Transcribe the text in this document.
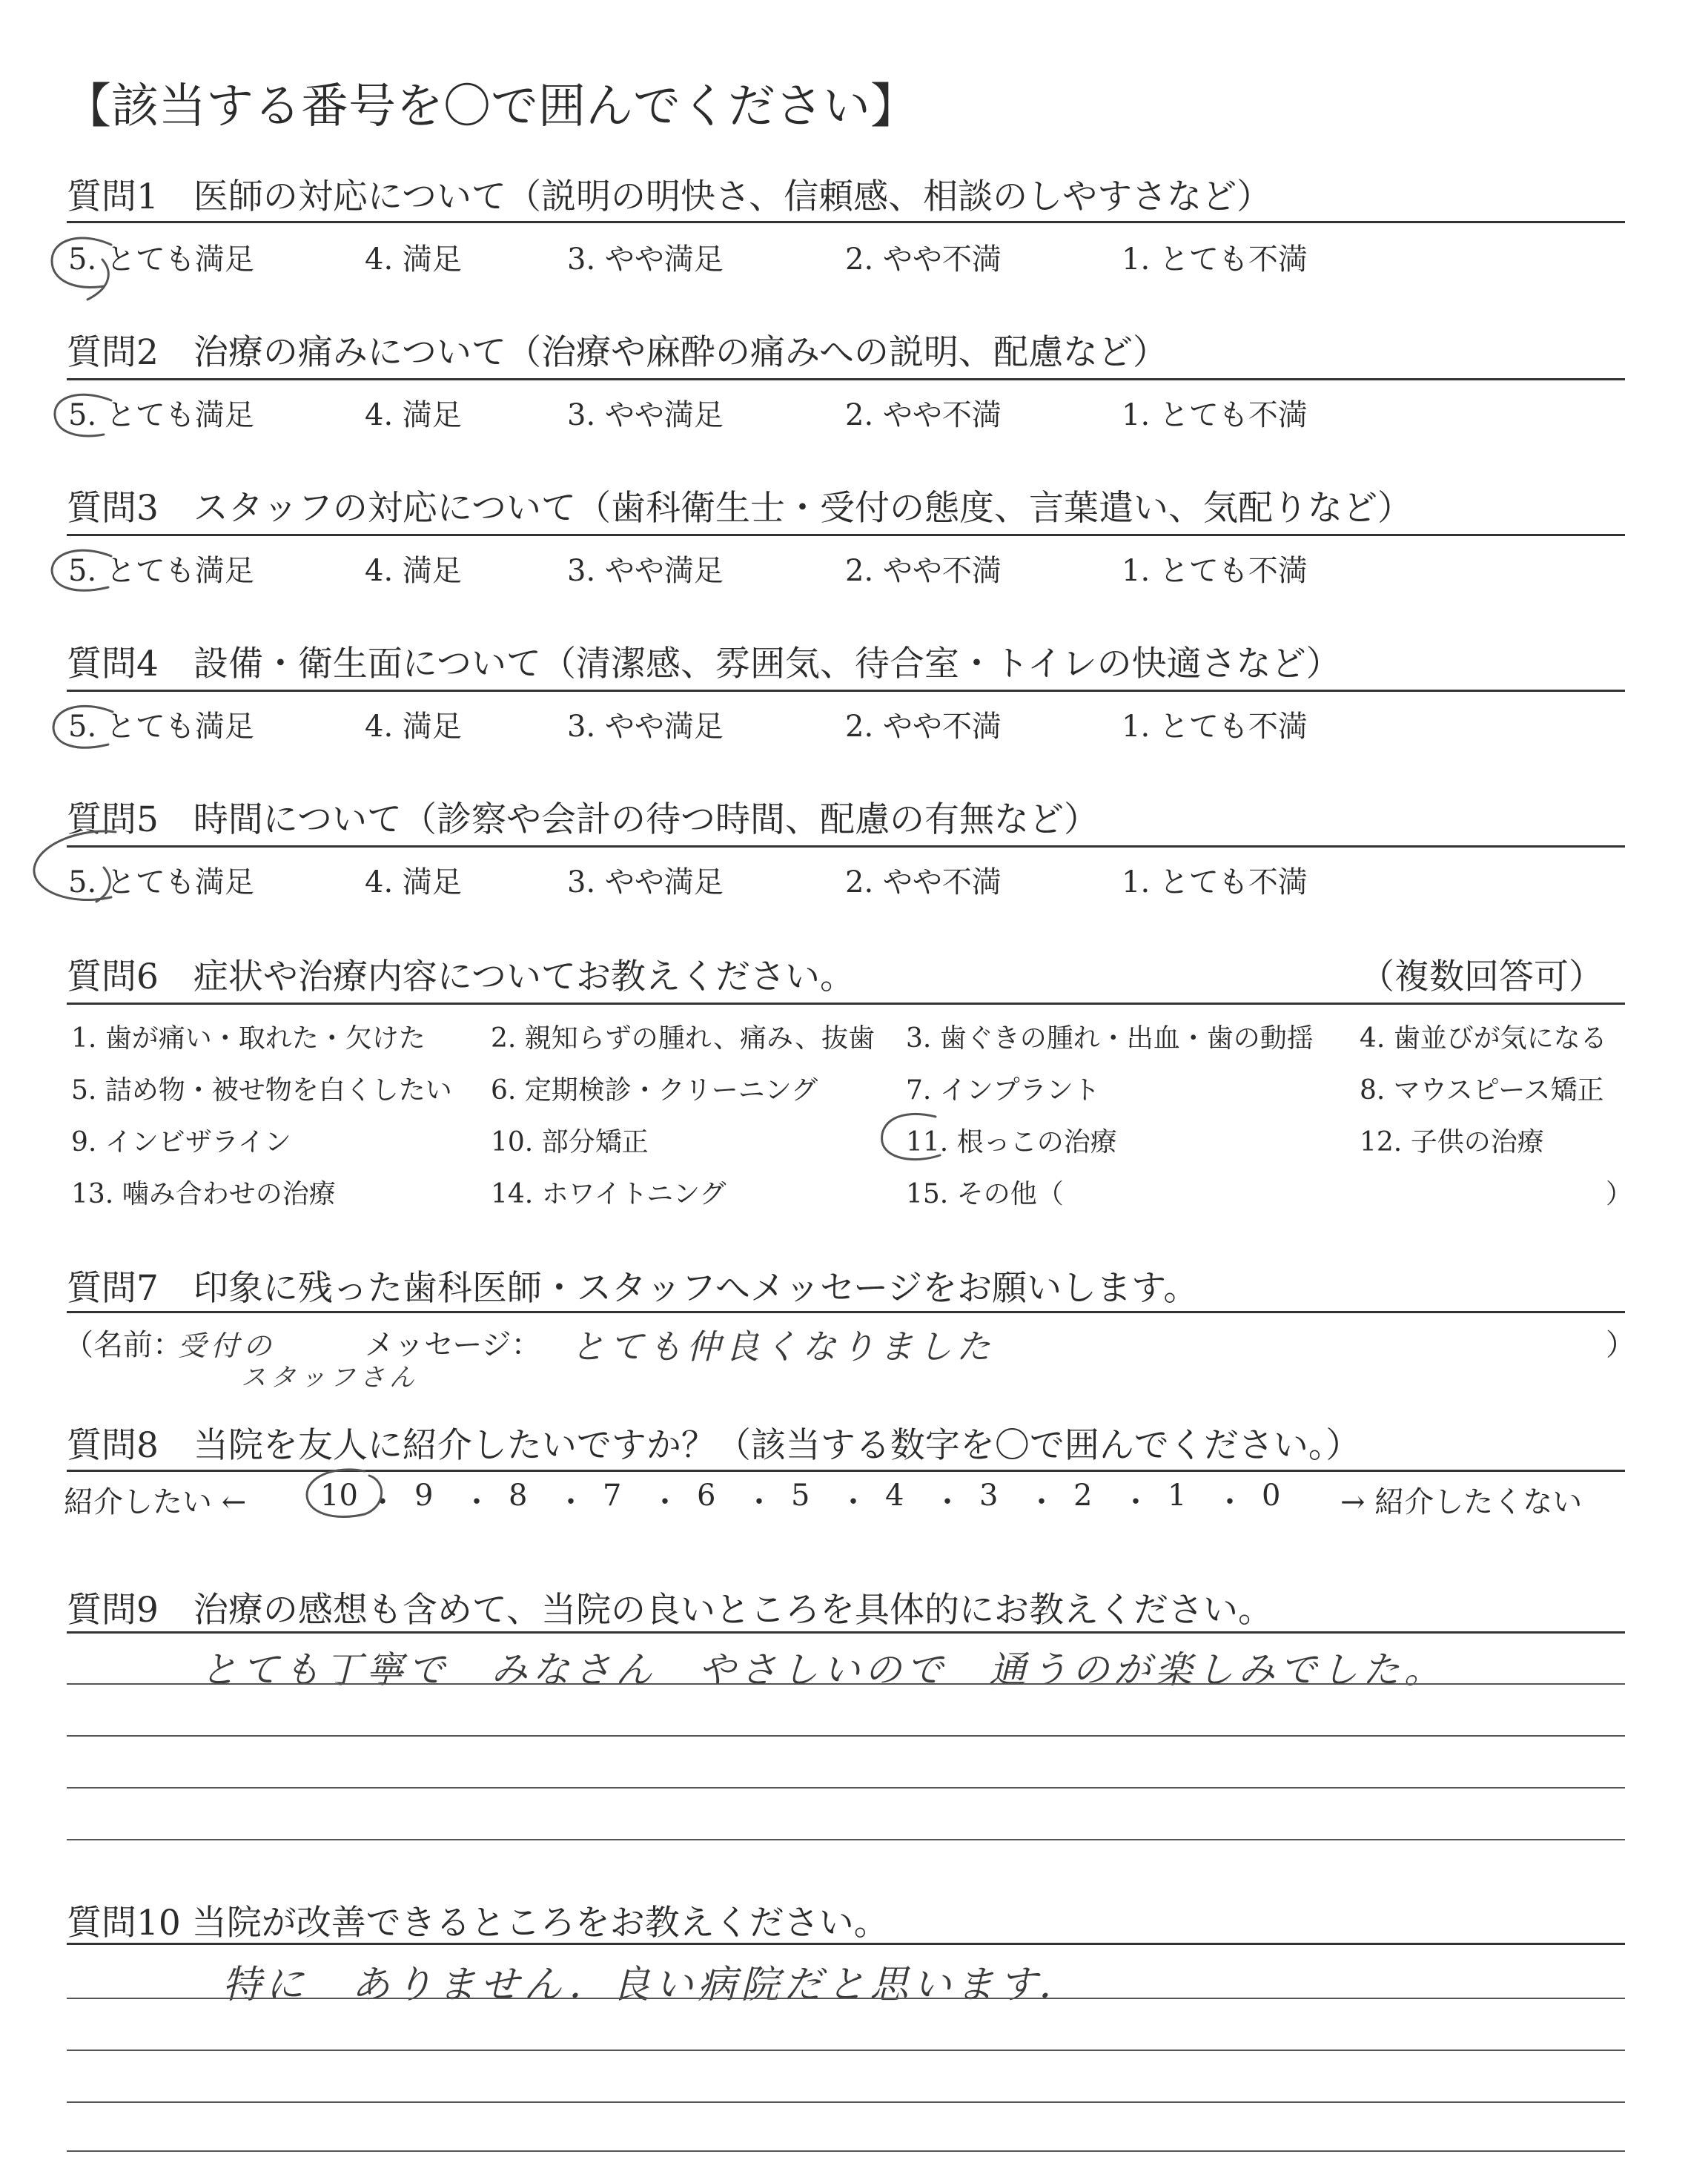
【該当する番号を〇で囲んでください】
質問1　医師の対応について（説明の明快さ、信頼感、相談のしやすさなど）
5. とても満足	4. 満足	3. やや満足	2. やや不満	1. とても不満
質問2　治療の痛みについて（治療や麻酔の痛みへの説明、配慮など）
5. とても満足	4. 満足	3. やや満足	2. やや不満	1. とても不満
質問3　スタッフの対応について（歯科衛生士・受付の態度、言葉遣い、気配りなど）
5. とても満足	4. 満足	3. やや満足	2. やや不満	1. とても不満
質問4　設備・衛生面について（清潔感、雰囲気、待合室・トイレの快適さなど）
5. とても満足	4. 満足	3. やや満足	2. やや不満	1. とても不満
質問5　時間について（診察や会計の待つ時間、配慮の有無など）
5. とても満足	4. 満足	3. やや満足	2. やや不満	1. とても不満
質問6　症状や治療内容についてお教えください。	（複数回答可）
1. 歯が痛い・取れた・欠けた 2. 親知らずの腫れ、痛み、抜歯 3. 歯ぐきの腫れ・出血・歯の動揺 4. 歯並びが気になる
5. 詰め物・被せ物を白くしたい 6. 定期検診・クリーニング	7. インプラント	8. マウスピース矯正
9. インビザライン	10. 部分矯正	11. 根っこの治療	12. 子供の治療
13. 噛み合わせの治療	14. ホワイトニング	15. その他（	）
質問7　印象に残った歯科医師・スタッフへメッセージをお願いします。
（名前：
受付の
スタッフさん
メッセージ： とても仲良くなりました	）
質問8　当院を友人に紹介したいですか？（該当する数字を〇で囲んでください。）
紹介したい ←	→ 紹介したくない
10 ・ 9 ・ 8 ・ 7 ・ 6 ・ 5 ・ 4 ・ 3 ・ 2 ・ 1 ・ 0
質問9　治療の感想も含めて、当院の良いところを具体的にお教えください。
とても丁寧で　みなさん　やさしいので　通うのが楽しみでした。
質問10 当院が改善できるところをお教えください。
特に　ありません．良い病院だと思います．
